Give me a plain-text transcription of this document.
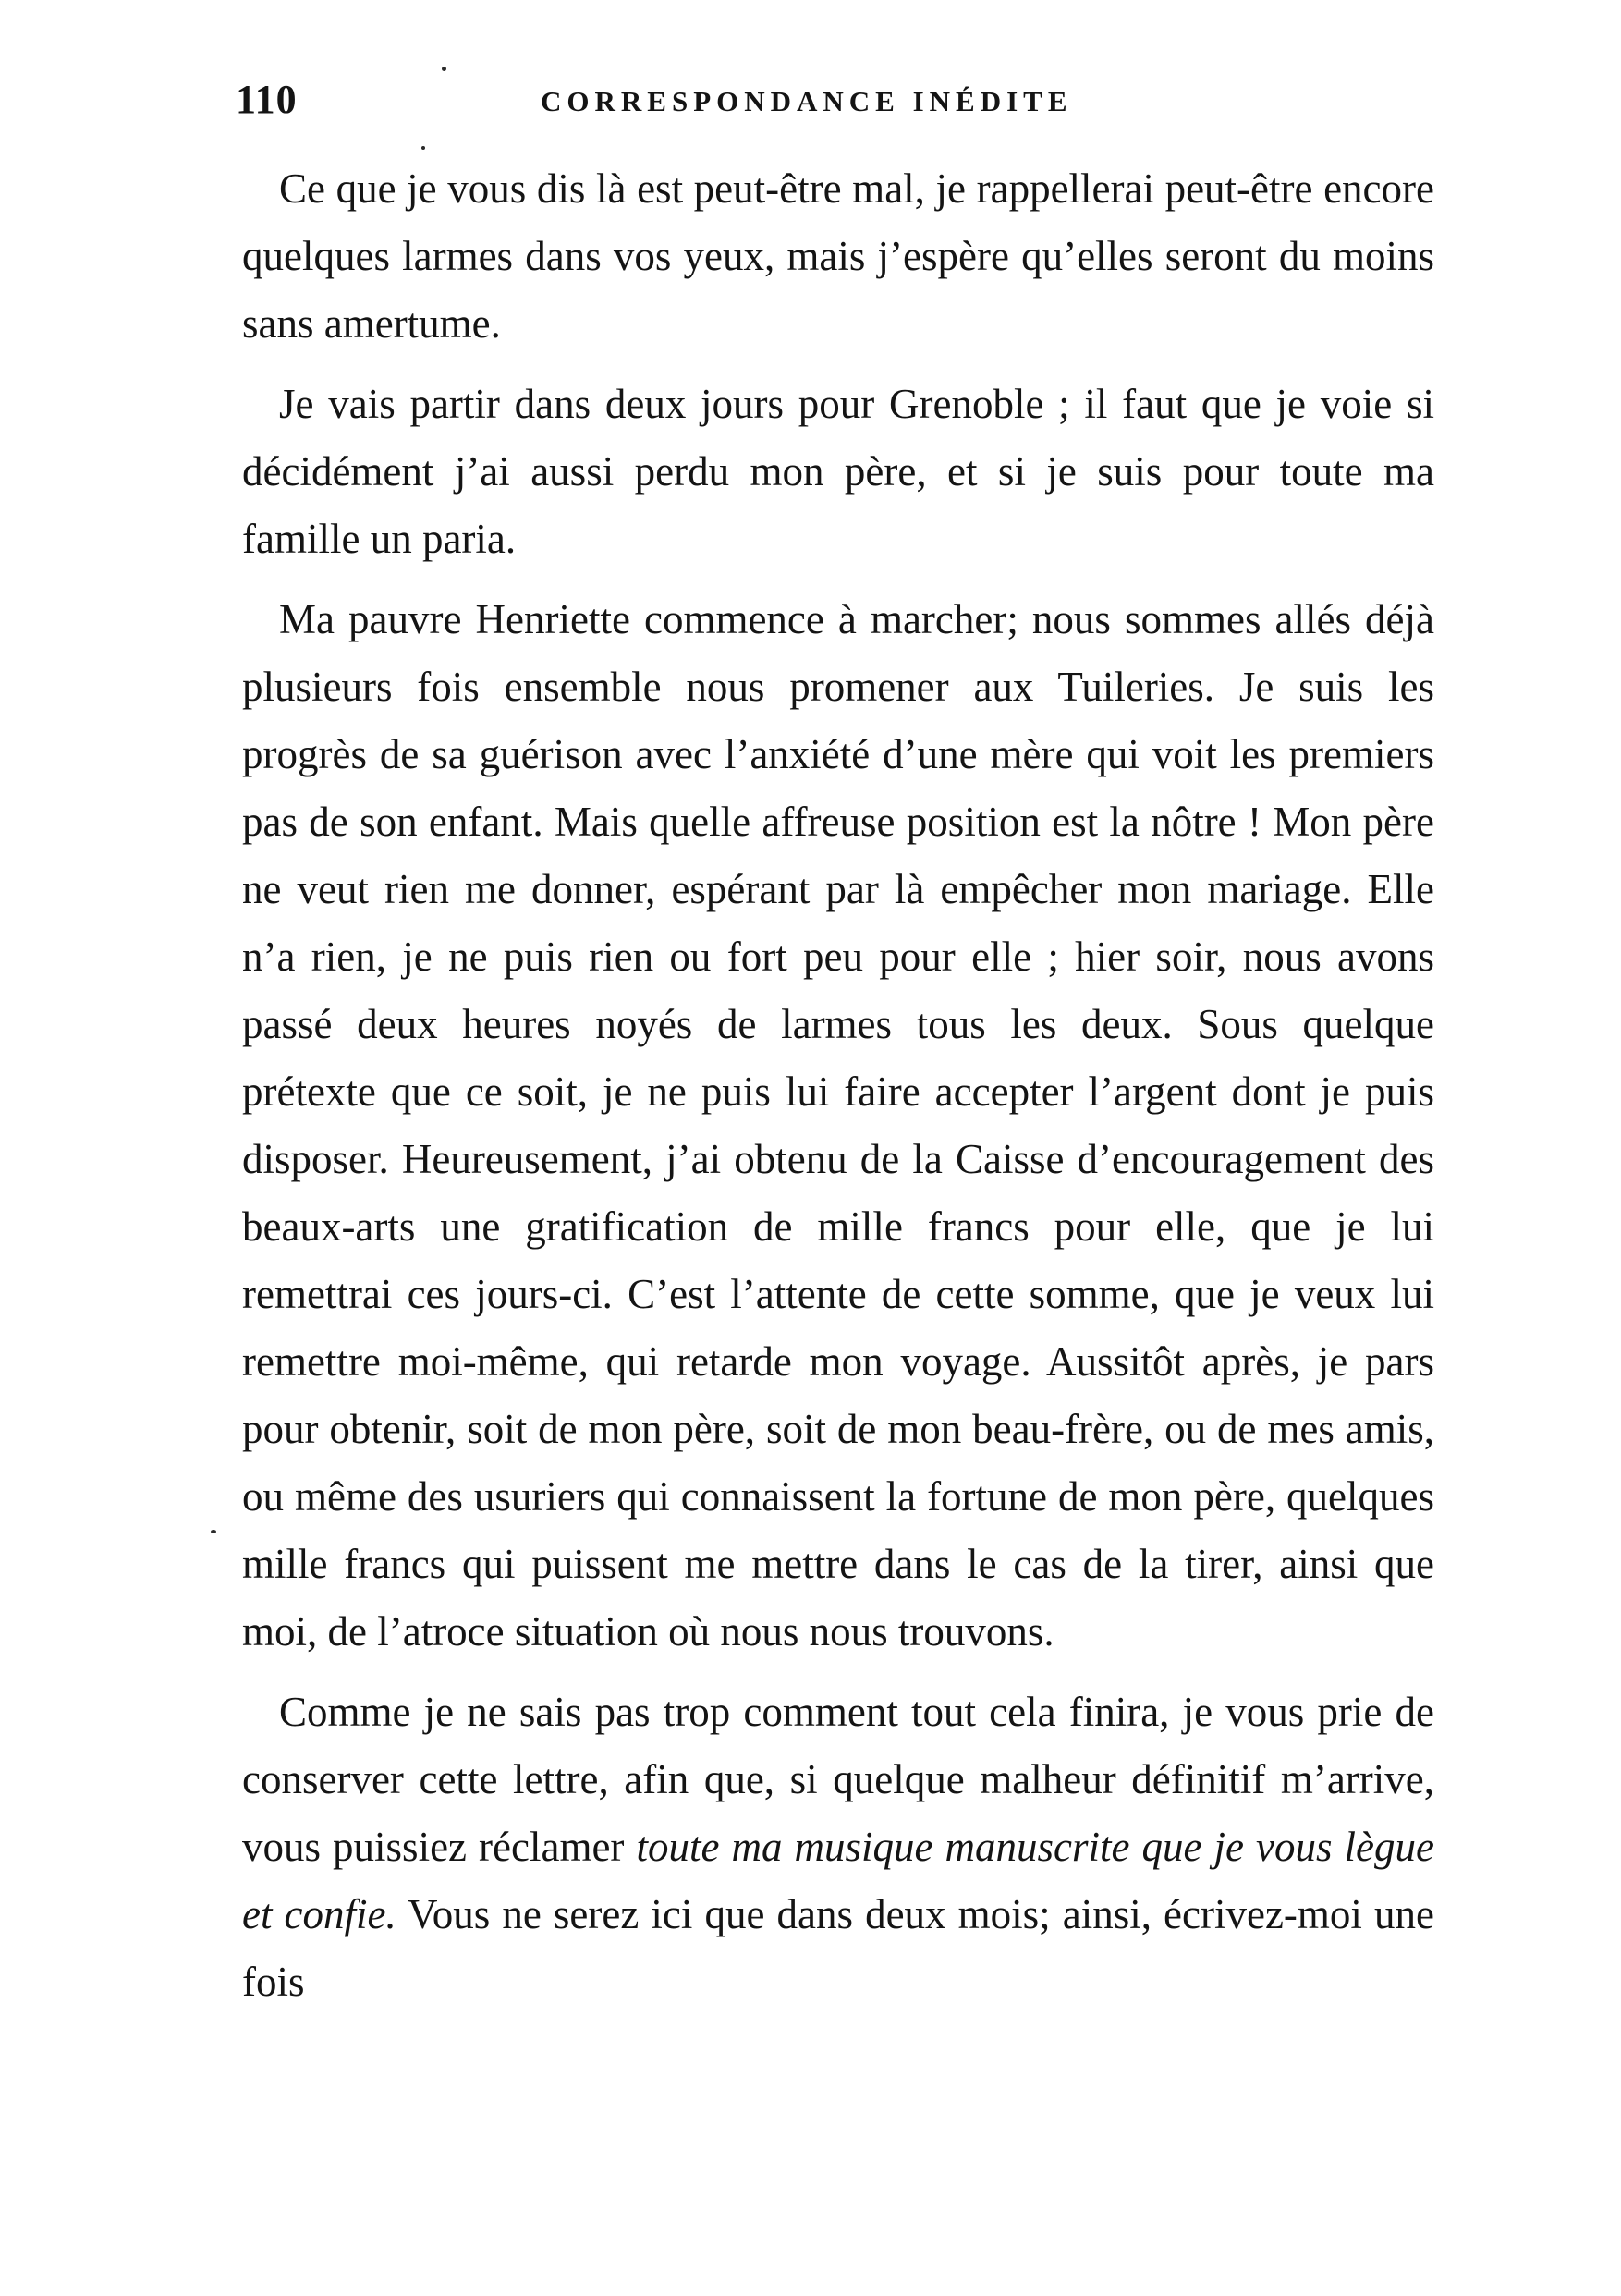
110	CORRESPONDANCE INÉDITE

Ce que je vous dis là est peut-être mal, je rappellerai peut-être encore quelques larmes dans vos yeux, mais j’espère qu’elles seront du moins sans amertume.

Je vais partir dans deux jours pour Grenoble ; il faut que je voie si décidément j’ai aussi perdu mon père, et si je suis pour toute ma famille un paria.

Ma pauvre Henriette commence à marcher; nous sommes allés déjà plusieurs fois ensemble nous promener aux Tuileries. Je suis les progrès de sa guérison avec l’anxiété d’une mère qui voit les premiers pas de son enfant. Mais quelle affreuse position est la nôtre ! Mon père ne veut rien me donner, espérant par là empêcher mon mariage. Elle n’a rien, je ne puis rien ou fort peu pour elle ; hier soir, nous avons passé deux heures noyés de larmes tous les deux. Sous quelque prétexte que ce soit, je ne puis lui faire accepter l’argent dont je puis disposer. Heureusement, j’ai obtenu de la Caisse d’encouragement des beaux-arts une gratification de mille francs pour elle, que je lui remettrai ces jours-ci. C’est l’attente de cette somme, que je veux lui remettre moi-même, qui retarde mon voyage. Aussitôt après, je pars pour obtenir, soit de mon père, soit de mon beau-frère, ou de mes amis, ou même des usuriers qui connaissent la fortune de mon père, quelques mille francs qui puissent me mettre dans le cas de la tirer, ainsi que moi, de l’atroce situation où nous nous trouvons.

Comme je ne sais pas trop comment tout cela finira, je vous prie de conserver cette lettre, afin que, si quelque malheur définitif m’arrive, vous puissiez réclamer toute ma musique manuscrite que je vous lègue et confie. Vous ne serez ici que dans deux mois; ainsi, écrivez-moi une fois
